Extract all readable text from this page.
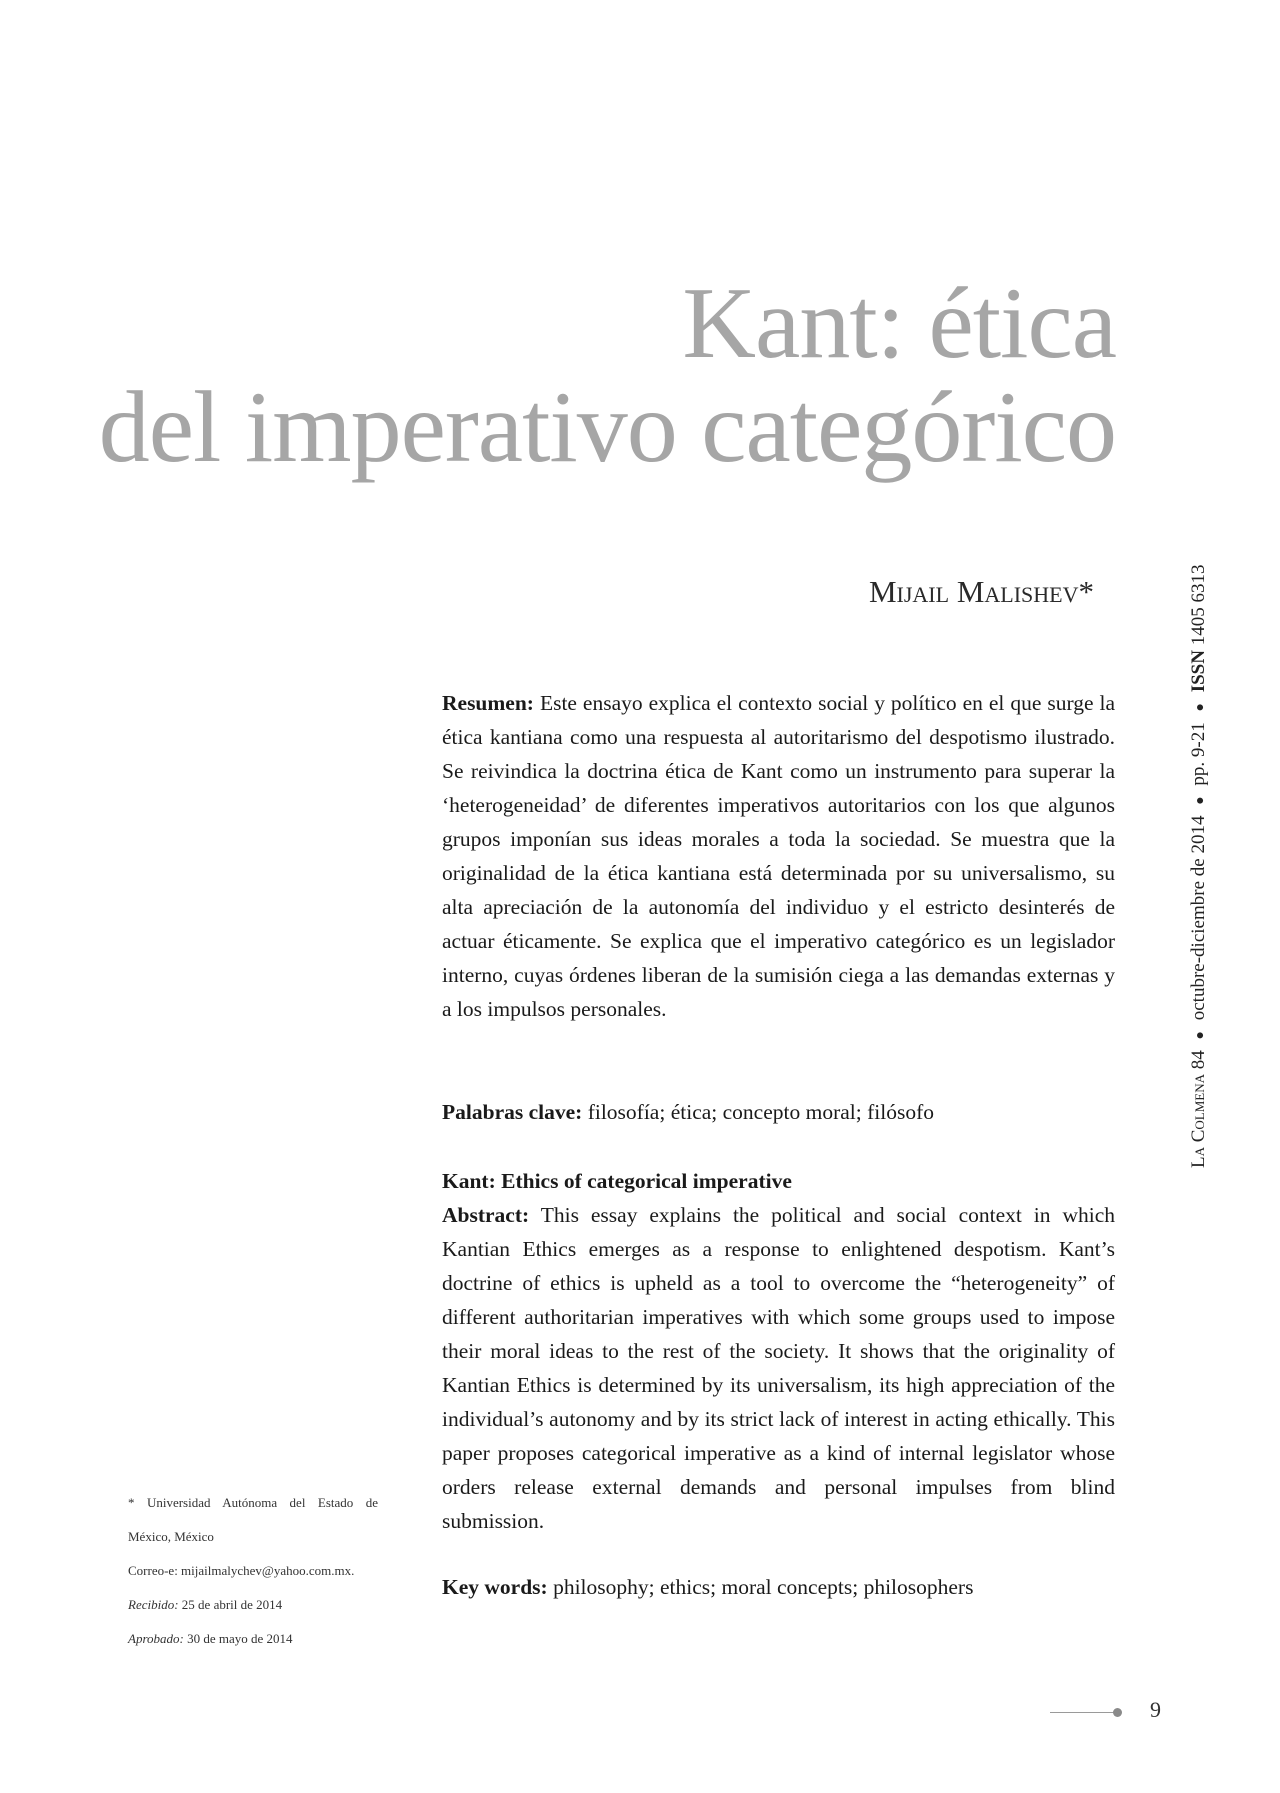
Kant: ética
del imperativo categórico
Mijail Malishev*

Resumen: Este ensayo explica el contexto social y político en el que surge la ética kantiana como una respuesta al autoritarismo del despotismo ilustrado. Se reivindica la doctrina ética de Kant como un instrumento para superar la ‘heterogeneidad’ de diferentes imperativos autoritarios con los que algunos grupos imponían sus ideas morales a toda la sociedad. Se muestra que la originalidad de la ética kantiana está determinada por su universalismo, su alta apreciación de la autonomía del individuo y el estricto desinterés de actuar éticamente. Se explica que el imperativo categórico es un legislador interno, cuyas órdenes liberan de la sumisión ciega a las demandas externas y a los impulsos personales.

Palabras clave: filosofía; ética; concepto moral; filósofo

Kant: Ethics of categorical imperative

Abstract: This essay explains the political and social context in which Kantian Ethics emerges as a response to enlightened despotism. Kant’s doctrine of ethics is upheld as a tool to overcome the “heterogeneity” of different authoritarian imperatives with which some groups used to impose their moral ideas to the rest of the society. It shows that the originality of Kantian Ethics is determined by its universalism, its high appreciation of the individual’s autonomy and by its strict lack of interest in acting ethically. This paper proposes categorical imperative as a kind of internal legislator whose orders release external demands and personal impulses from blind submission.

Key words: philosophy; ethics; moral concepts; philosophers

La Colmena 84 ● octubre-diciembre de 2014 ● pp. 9-21 ● ISSN 1405 6313

* Universidad Autónoma del Estado de México, México

Correo-e: mijailmalychev@yahoo.com.mx.

Recibido: 25 de abril de 2014

Aprobado: 30 de mayo de 2014

9
